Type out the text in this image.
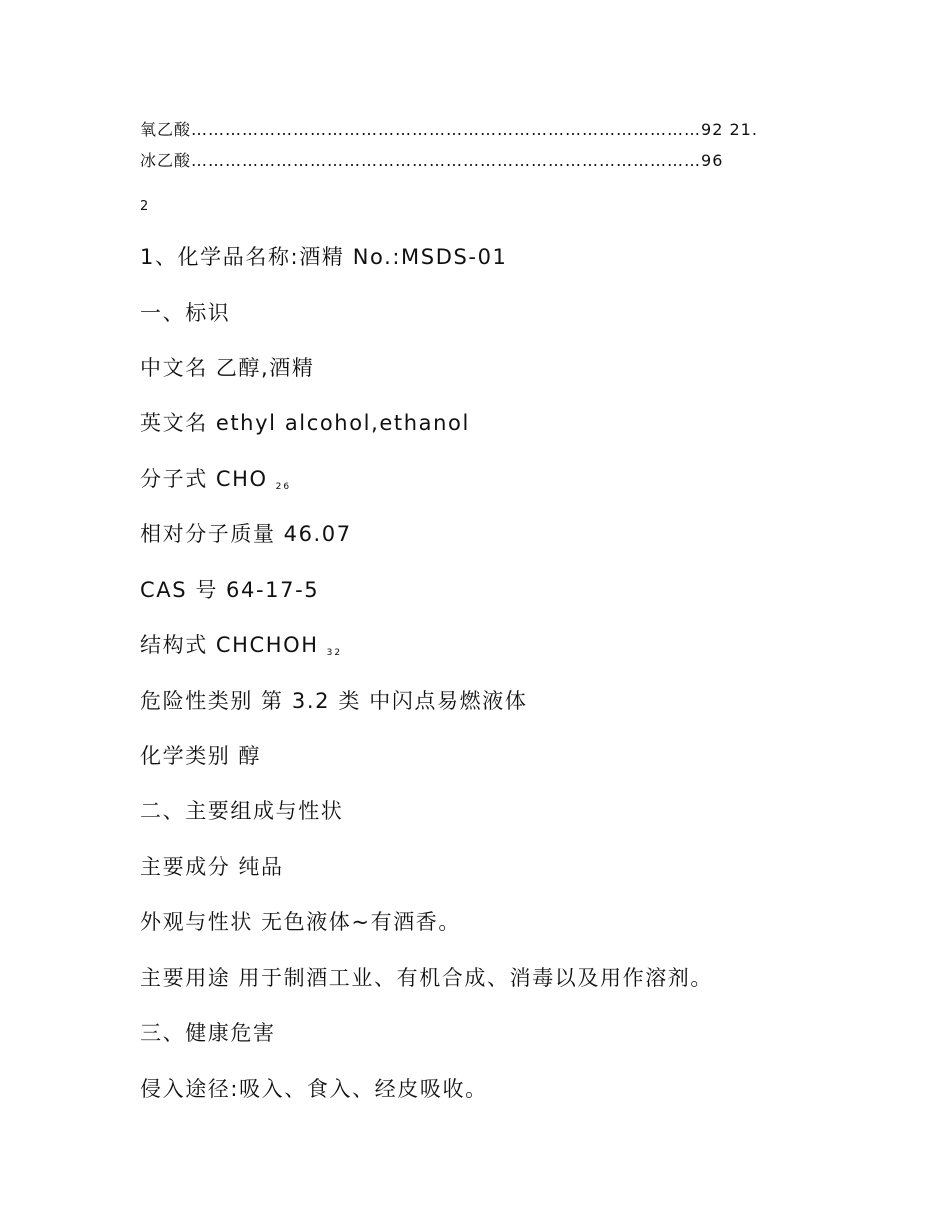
氧乙酸………………………………………………………………………………92 21.
冰乙酸………………………………………………………………………………96
2
1、化学品名称:酒精 No.:MSDS-01
一、标识
中文名 乙醇,酒精
英文名 ethyl alcohol,ethanol
分子式 CHO $_{26}$
相对分子质量 46.07
CAS 号 64-17-5
结构式 CHCHOH $_{32}$
危险性类别 第 3.2 类 中闪点易燃液体
化学类别 醇
二、主要组成与性状
主要成分 纯品
外观与性状 无色液体~有酒香。
主要用途 用于制酒工业、有机合成、消毒以及用作溶剂。
三、健康危害
侵入途径:吸入、食入、经皮吸收。
